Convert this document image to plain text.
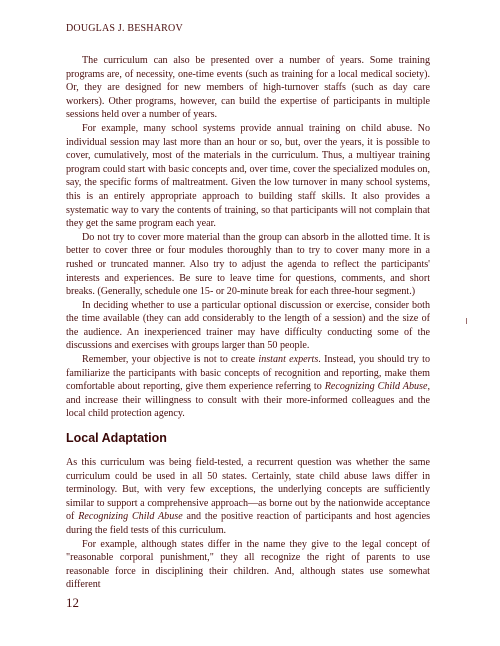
DOUGLAS J. BESHAROV

The curriculum can also be presented over a number of years. Some training programs are, of necessity, one-time events (such as training for a local medical society). Or, they are designed for new members of high-turnover staffs (such as day care workers). Other programs, however, can build the expertise of participants in multiple sessions held over a number of years.

For example, many school systems provide annual training on child abuse. No individual session may last more than an hour or so, but, over the years, it is possible to cover, cumulatively, most of the materials in the curriculum. Thus, a multiyear training program could start with basic concepts and, over time, cover the specialized modules on, say, the specific forms of maltreatment. Given the low turnover in many school systems, this is an entirely appropriate approach to building staff skills. It also provides a systematic way to vary the contents of training, so that participants will not complain that they get the same program each year.

Do not try to cover more material than the group can absorb in the allotted time. It is better to cover three or four modules thoroughly than to try to cover many more in a rushed or truncated manner. Also try to adjust the agenda to reflect the participants' interests and experiences. Be sure to leave time for questions, comments, and short breaks. (Generally, schedule one 15- or 20-minute break for each three-hour segment.)

In deciding whether to use a particular optional discussion or exercise, consider both the time available (they can add considerably to the length of a session) and the size of the audience. An inexperienced trainer may have difficulty conducting some of the discussions and exercises with groups larger than 50 people.

Remember, your objective is not to create instant experts. Instead, you should try to familiarize the participants with basic concepts of recognition and reporting, make them comfortable about reporting, give them experience referring to Recognizing Child Abuse, and increase their willingness to consult with their more-informed colleagues and the local child protection agency.

Local Adaptation

As this curriculum was being field-tested, a recurrent question was whether the same curriculum could be used in all 50 states. Certainly, state child abuse laws differ in terminology. But, with very few exceptions, the underlying concepts are sufficiently similar to support a comprehensive approach—as borne out by the nationwide acceptance of Recognizing Child Abuse and the positive reaction of participants and host agencies during the field tests of this curriculum.

For example, although states differ in the name they give to the legal concept of "reasonable corporal punishment," they all recognize the right of parents to use reasonable force in disciplining their children. And, although states use somewhat different

12
